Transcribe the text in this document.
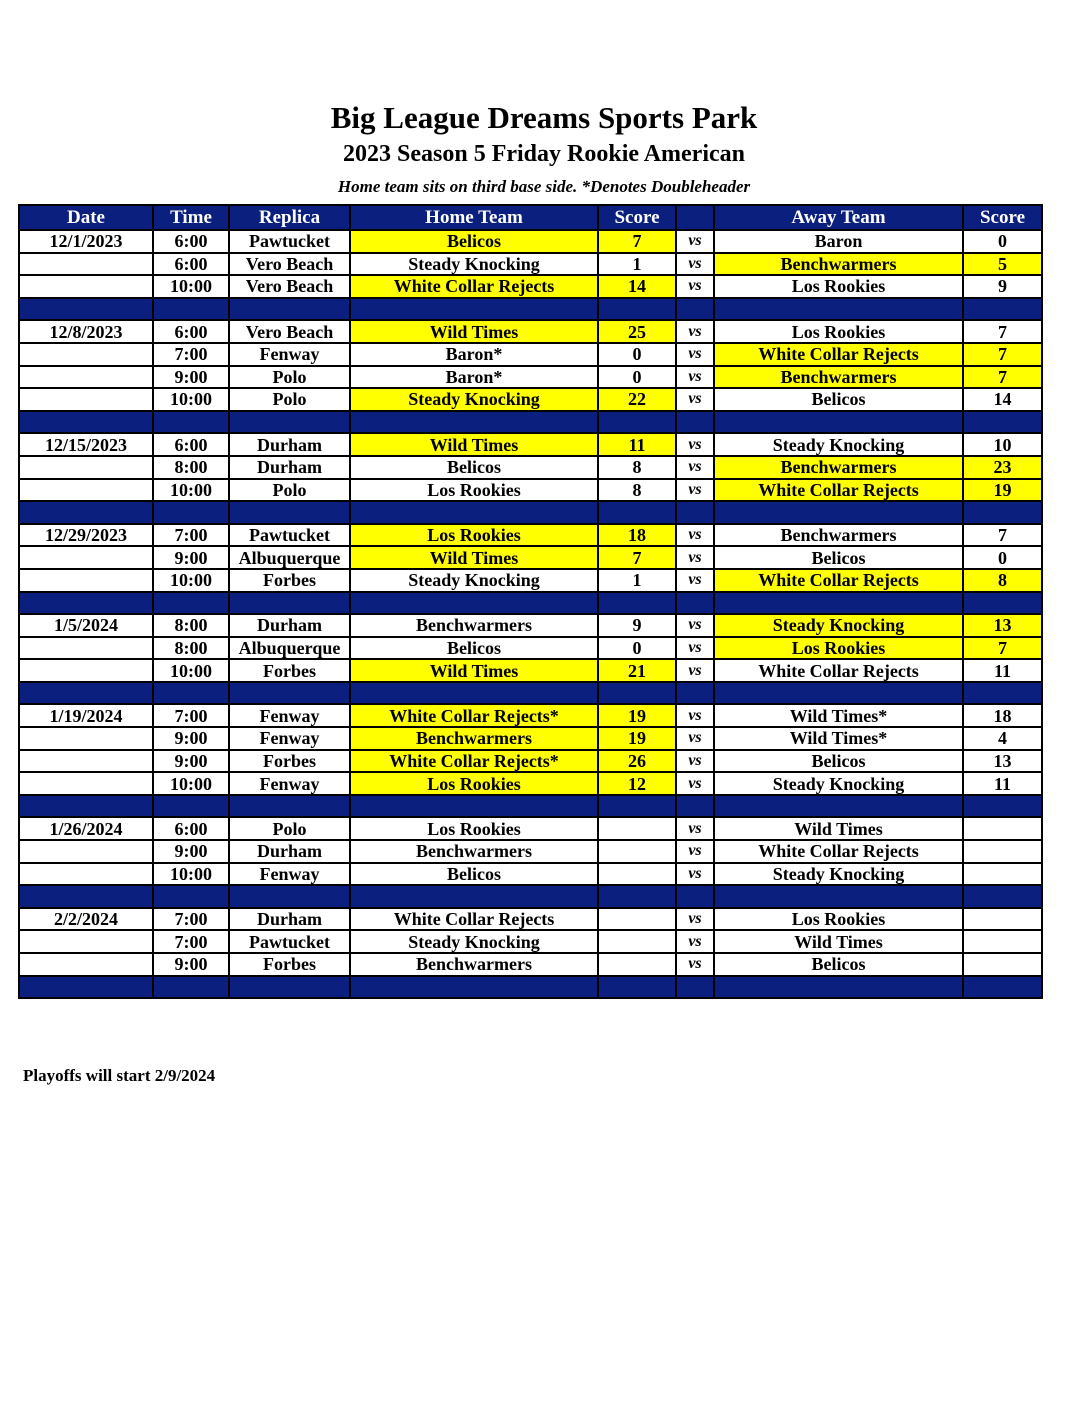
Big League Dreams Sports Park
2023 Season 5 Friday Rookie American
Home team sits on third base side. *Denotes Doubleheader
Date	Time	Replica	Home Team	Score		Away Team	Score
12/1/2023	6:00	Pawtucket	Belicos	7	vs	Baron	0
	6:00	Vero Beach	Steady Knocking	1	vs	Benchwarmers	5
	10:00	Vero Beach	White Collar Rejects	14	vs	Los Rookies	9

12/8/2023	6:00	Vero Beach	Wild Times	25	vs	Los Rookies	7
	7:00	Fenway	Baron*	0	vs	White Collar Rejects	7
	9:00	Polo	Baron*	0	vs	Benchwarmers	7
	10:00	Polo	Steady Knocking	22	vs	Belicos	14

12/15/2023	6:00	Durham	Wild Times	11	vs	Steady Knocking	10
	8:00	Durham	Belicos	8	vs	Benchwarmers	23
	10:00	Polo	Los Rookies	8	vs	White Collar Rejects	19

12/29/2023	7:00	Pawtucket	Los Rookies	18	vs	Benchwarmers	7
	9:00	Albuquerque	Wild Times	7	vs	Belicos	0
	10:00	Forbes	Steady Knocking	1	vs	White Collar Rejects	8

1/5/2024	8:00	Durham	Benchwarmers	9	vs	Steady Knocking	13
	8:00	Albuquerque	Belicos	0	vs	Los Rookies	7
	10:00	Forbes	Wild Times	21	vs	White Collar Rejects	11

1/19/2024	7:00	Fenway	White Collar Rejects*	19	vs	Wild Times*	18
	9:00	Fenway	Benchwarmers	19	vs	Wild Times*	4
	9:00	Forbes	White Collar Rejects*	26	vs	Belicos	13
	10:00	Fenway	Los Rookies	12	vs	Steady Knocking	11

1/26/2024	6:00	Polo	Los Rookies		vs	Wild Times	
	9:00	Durham	Benchwarmers		vs	White Collar Rejects	
	10:00	Fenway	Belicos		vs	Steady Knocking	

2/2/2024	7:00	Durham	White Collar Rejects		vs	Los Rookies	
	7:00	Pawtucket	Steady Knocking		vs	Wild Times	
	9:00	Forbes	Benchwarmers		vs	Belicos	

Playoffs will start 2/9/2024
